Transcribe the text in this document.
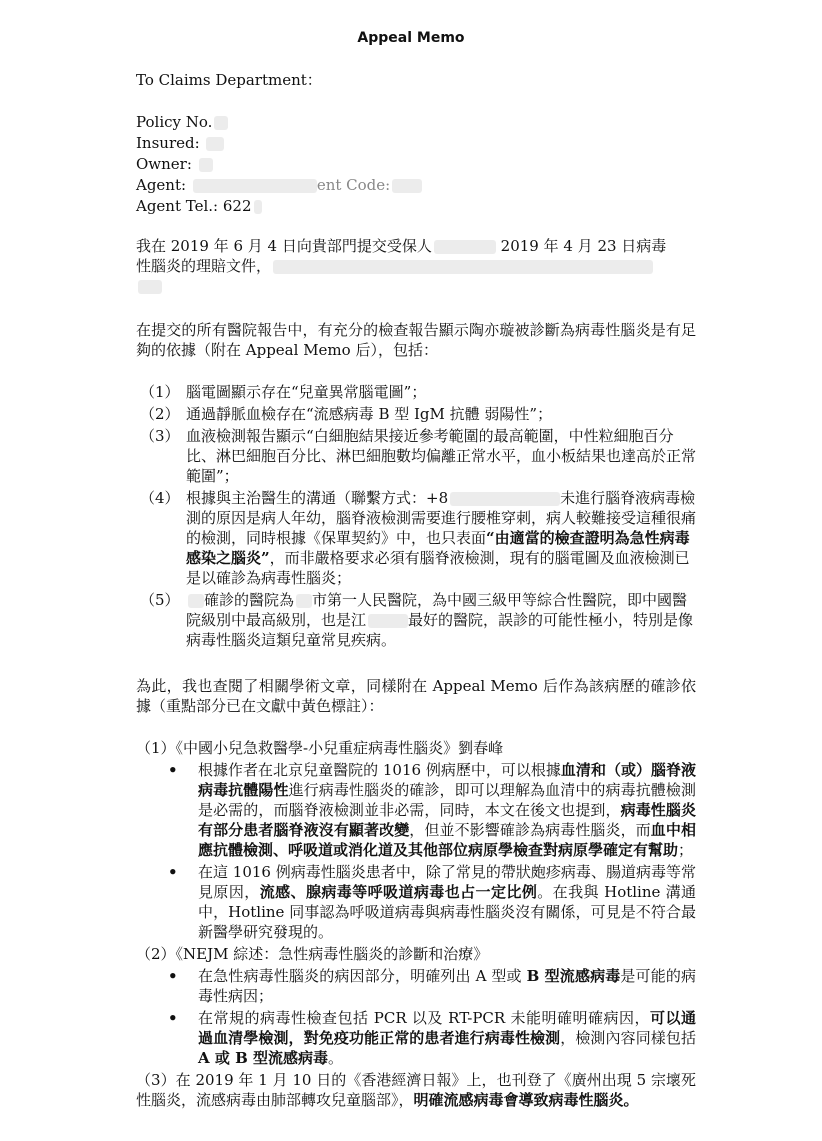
Appeal Memo
To Claims Department：
Policy No.
Insured:
Owner:
Agent:	ent Code:
Agent Tel.: 622
我在 2019 年 6 月 4 日向貴部門提交受保人	2019 年 4 月 23 日病毒
性腦炎的理賠文件，

在提交的所有醫院報告中，有充分的檢查報告顯示陶亦璇被診斷為病毒性腦炎是有足夠的依據（附在 Appeal Memo 后），包括：
（1） 腦電圖顯示存在“兒童異常腦電圖”；
（2） 通過靜脈血檢存在“流感病毒 B 型 IgM 抗體 弱陽性”；
（3） 血液檢測報告顯示“白細胞結果接近參考範圍的最高範圍，中性粒細胞百分比、淋巴細胞百分比、淋巴細胞數均偏離正常水平，血小板結果也達高於正常範圍”；
（4） 根據與主治醫生的溝通（聯繫方式：+8	未進行腦脊液病毒檢測的原因是病人年幼，腦脊液檢測需要進行腰椎穿刺，病人較難接受這種很痛的檢測，同時根據《保單契約》中，也只表面“由適當的檢查證明為急性病毒感染之腦炎”，而非嚴格要求必須有腦脊液檢測，現有的腦電圖及血液檢測已是以確診為病毒性腦炎；
（5） 確診的醫院為 市第一人民醫院，為中國三級甲等綜合性醫院，即中國醫院級別中最高級別，也是江	最好的醫院，誤診的可能性極小，特別是像病毒性腦炎這類兒童常見疾病。
為此，我也查閱了相關學術文章，同樣附在 Appeal Memo 后作為該病歷的確診依據（重點部分已在文獻中黃色標註）：

（1）《中國小兒急救醫學-小兒重症病毒性腦炎》劉春峰

• 根據作者在北京兒童醫院的 1016 例病歷中，可以根據血清和（或）腦脊液病毒抗體陽性進行病毒性腦炎的確診，即可以理解為血清中的病毒抗體檢測是必需的，而腦脊液檢測並非必需，同時，本文在後文也提到，病毒性腦炎有部分患者腦脊液沒有顯著改變，但並不影響確診為病毒性腦炎，而血中相應抗體檢測、呼吸道或消化道及其他部位病原學檢查對病原學確定有幫助；
• 在這 1016 例病毒性腦炎患者中，除了常見的帶狀皰疹病毒、腸道病毒等常見原因，流感、腺病毒等呼吸道病毒也占一定比例。在我與 Hotline 溝通中，Hotline 同事認為呼吸道病毒與病毒性腦炎沒有關係，可見是不符合最新醫學研究發現的。

（2）《NEJM 綜述：急性病毒性腦炎的診斷和治療》

• 在急性病毒性腦炎的病因部分，明確列出 A 型或 B 型流感病毒是可能的病毒性病因；
• 在常規的病毒性檢查包括 PCR 以及 RT-PCR 未能明確明確病因，可以通過血清學檢測，對免疫功能正常的患者進行病毒性檢測，檢測內容同樣包括 A 或 B 型流感病毒。

（3）在 2019 年 1 月 10 日的《香港經濟日報》上，也刊登了《廣州出現 5 宗壞死性腦炎，流感病毒由肺部轉攻兒童腦部》，明確流感病毒會導致病毒性腦炎。
